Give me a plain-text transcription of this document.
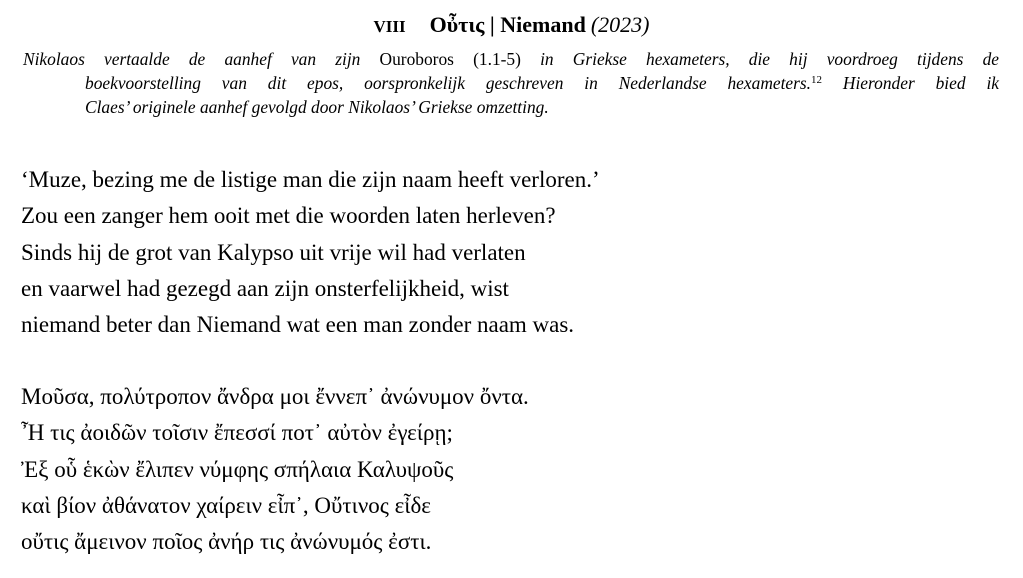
VIII Οὖτις | Niemand (2023)
Nikolaos vertaalde de aanhef van zijn Ouroboros (1.1-5) in Griekse hexameters, die hij voordroeg tijdens de
boekvoorstelling van dit epos, oorspronkelijk geschreven in Nederlandse hexameters.$^{12}$ Hieronder bied ik
Claes’ originele aanhef gevolgd door Nikolaos’ Griekse omzetting.

‘Muze, bezing me de listige man die zijn naam heeft verloren.’

Zou een zanger hem ooit met die woorden laten herleven?

Sinds hij de grot van Kalypso uit vrije wil had verlaten

en vaarwel had gezegd aan zijn onsterfelijkheid, wist

niemand beter dan Niemand wat een man zonder naam was.

Μοῦσα, πολύτροπον ἄνδρα μοι ἔννεπ᾽ ἀνώνυμον ὄντα.

Ἦ τις ἀοιδῶν τοῖσιν ἔπεσσί ποτ᾽ αὐτὸν ἐγείρῃ;

Ἐξ οὗ ἑκὼν ἔλιπεν νύμφης σπήλαια Καλυψοῦς

καὶ βίον ἀθάνατον χαίρειν εἶπ᾽, Οὔτινος εἶδε

οὔτις ἄμεινον ποῖος ἀνήρ τις ἀνώνυμός ἐστι.
